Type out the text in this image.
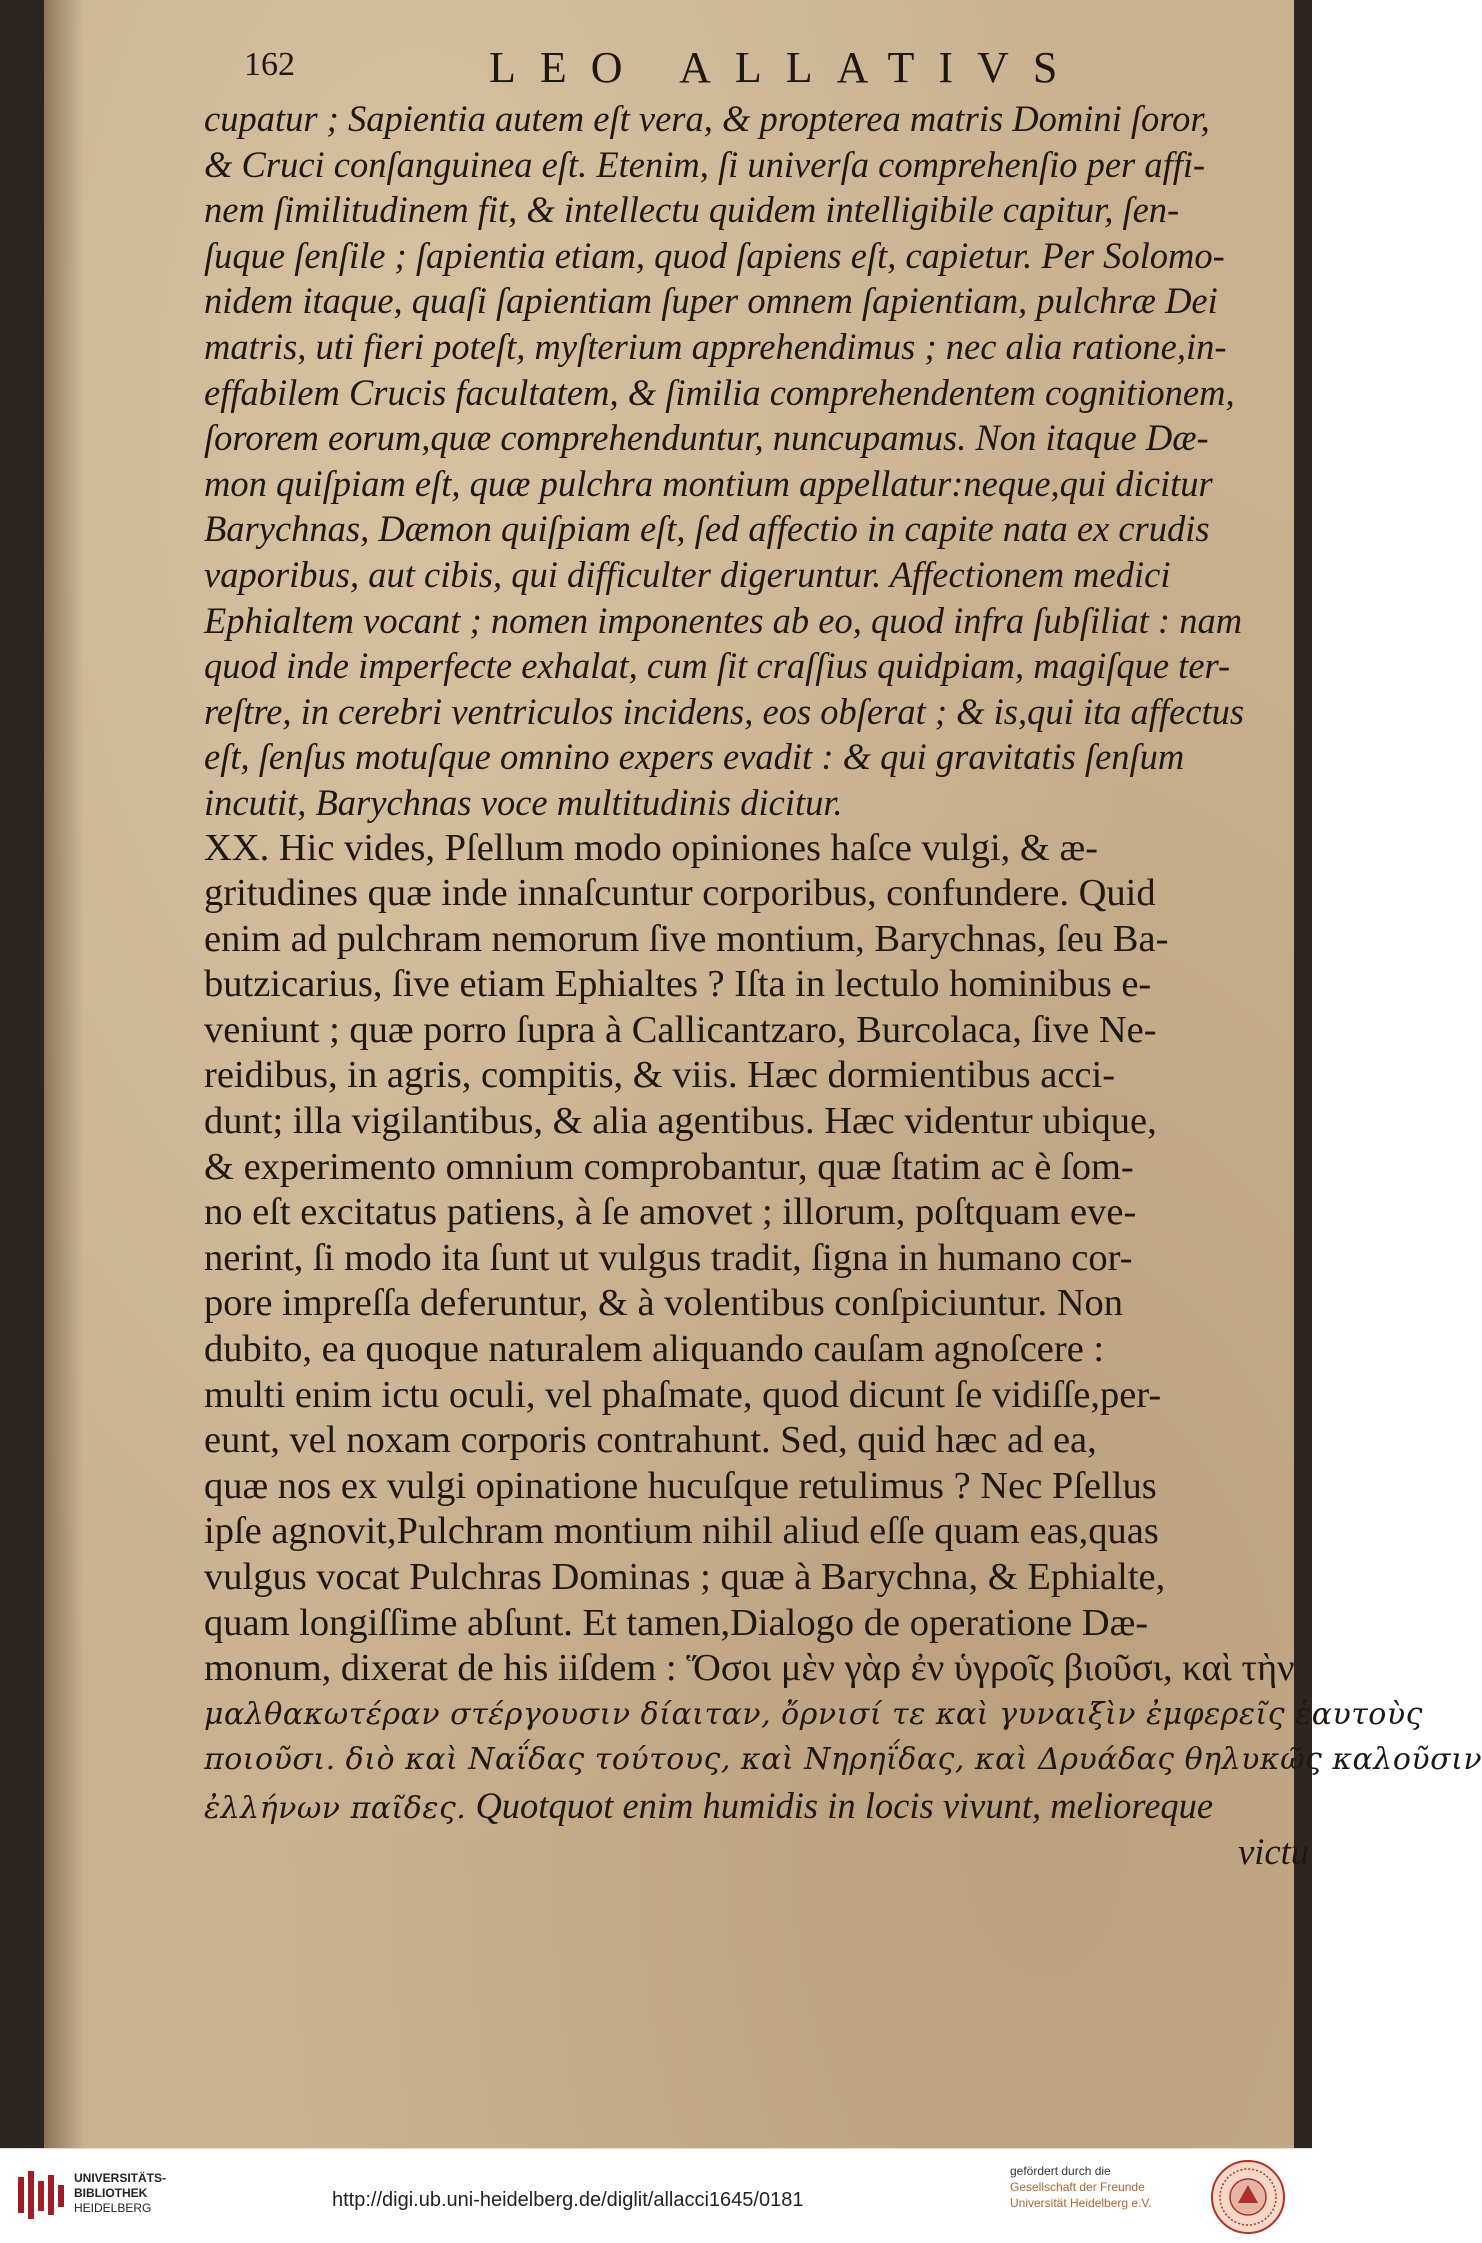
162	LEO ALLATIVS
cupatur ; Sapientia autem eſt vera, & propterea matris Domini ſoror,
& Cruci conſanguinea eſt. Etenim, ſi univerſa comprehenſio per affi-
nem ſimilitudinem fit, & intellectu quidem intelligibile capitur, ſen-
ſuque ſenſile ; ſapientia etiam, quod ſapiens eſt, capietur. Per Solomo-
nidem itaque, quaſi ſapientiam ſuper omnem ſapientiam, pulchræ Dei
matris, uti fieri poteſt, myſterium apprehendimus ; nec alia ratione,in-
effabilem Crucis facultatem, & ſimilia comprehendentem cognitionem,
ſororem eorum,quæ comprehenduntur, nuncupamus. Non itaque Dæ-
mon quiſpiam eſt, quæ pulchra montium appellatur:neque,qui dicitur
Barychnas, Dæmon quiſpiam eſt, ſed affectio in capite nata ex crudis
vaporibus, aut cibis, qui difficulter digeruntur. Affectionem medici
Ephialtem vocant ; nomen imponentes ab eo, quod infra ſubſiliat : nam
quod inde imperfecte exhalat, cum ſit craſſius quidpiam, magiſque ter-
reſtre, in cerebri ventriculos incidens, eos obſerat ; & is,qui ita affectus
eſt, ſenſus motuſque omnino expers evadit : & qui gravitatis ſenſum
incutit, Barychnas voce multitudinis dicitur.
XX. Hic vides, Pſellum modo opiniones haſce vulgi, & æ-
gritudines quæ inde innaſcuntur corporibus, confundere. Quid
enim ad pulchram nemorum ſive montium, Barychnas, ſeu Ba-
butzicarius, ſive etiam Ephialtes ? Iſta in lectulo hominibus e-
veniunt ; quæ porro ſupra à Callicantzaro, Burcolaca, ſive Ne-
reidibus, in agris, compitis, & viis. Hæc dormientibus acci-
dunt; illa vigilantibus, & alia agentibus. Hæc videntur ubique,
& experimento omnium comprobantur, quæ ſtatim ac è ſom-
no eſt excitatus patiens, à ſe amovet ; illorum, poſtquam eve-
nerint, ſi modo ita ſunt ut vulgus tradit, ſigna in humano cor-
pore impreſſa deferuntur, & à volentibus conſpiciuntur. Non
dubito, ea quoque naturalem aliquando cauſam agnoſcere :
multi enim ictu oculi, vel phaſmate, quod dicunt ſe vidiſſe,per-
eunt, vel noxam corporis contrahunt. Sed, quid hæc ad ea,
quæ nos ex vulgi opinatione hucuſque retulimus ? Nec Pſellus
ipſe agnovit,Pulchram montium nihil aliud eſſe quam eas,quas
vulgus vocat Pulchras Dominas ; quæ à Barychna, & Ephialte,
quam longiſſime abſunt. Et tamen,Dialogo de operatione Dæ-
monum, dixerat de his iiſdem : Ὅσοι μὲν γὰρ ἐν ὑγροῖς βιοῦσι, καὶ τὴν
μαλθακωτέραν στέργουσιν δίαιταν, ὄρνισί τε καὶ γυναιξὶν ἐμφερεῖς ἑαυτοὺς
ποιοῦσι. διὸ καὶ Ναΐδας τούτους, καὶ Νηρηΐδας, καὶ Δρυάδας θηλυκῶς καλοῦσιν
ἐλλήνων παῖδες. Quotquot enim humidis in locis vivunt, melioreque
victu
UNIVERSITÄTS-
BIBLIOTHEK
HEIDELBERG	http://digi.ub.uni-heidelberg.de/diglit/allacci1645/0181
gefördert durch die
Gesellschaft der Freunde
Universität Heidelberg e.V.
